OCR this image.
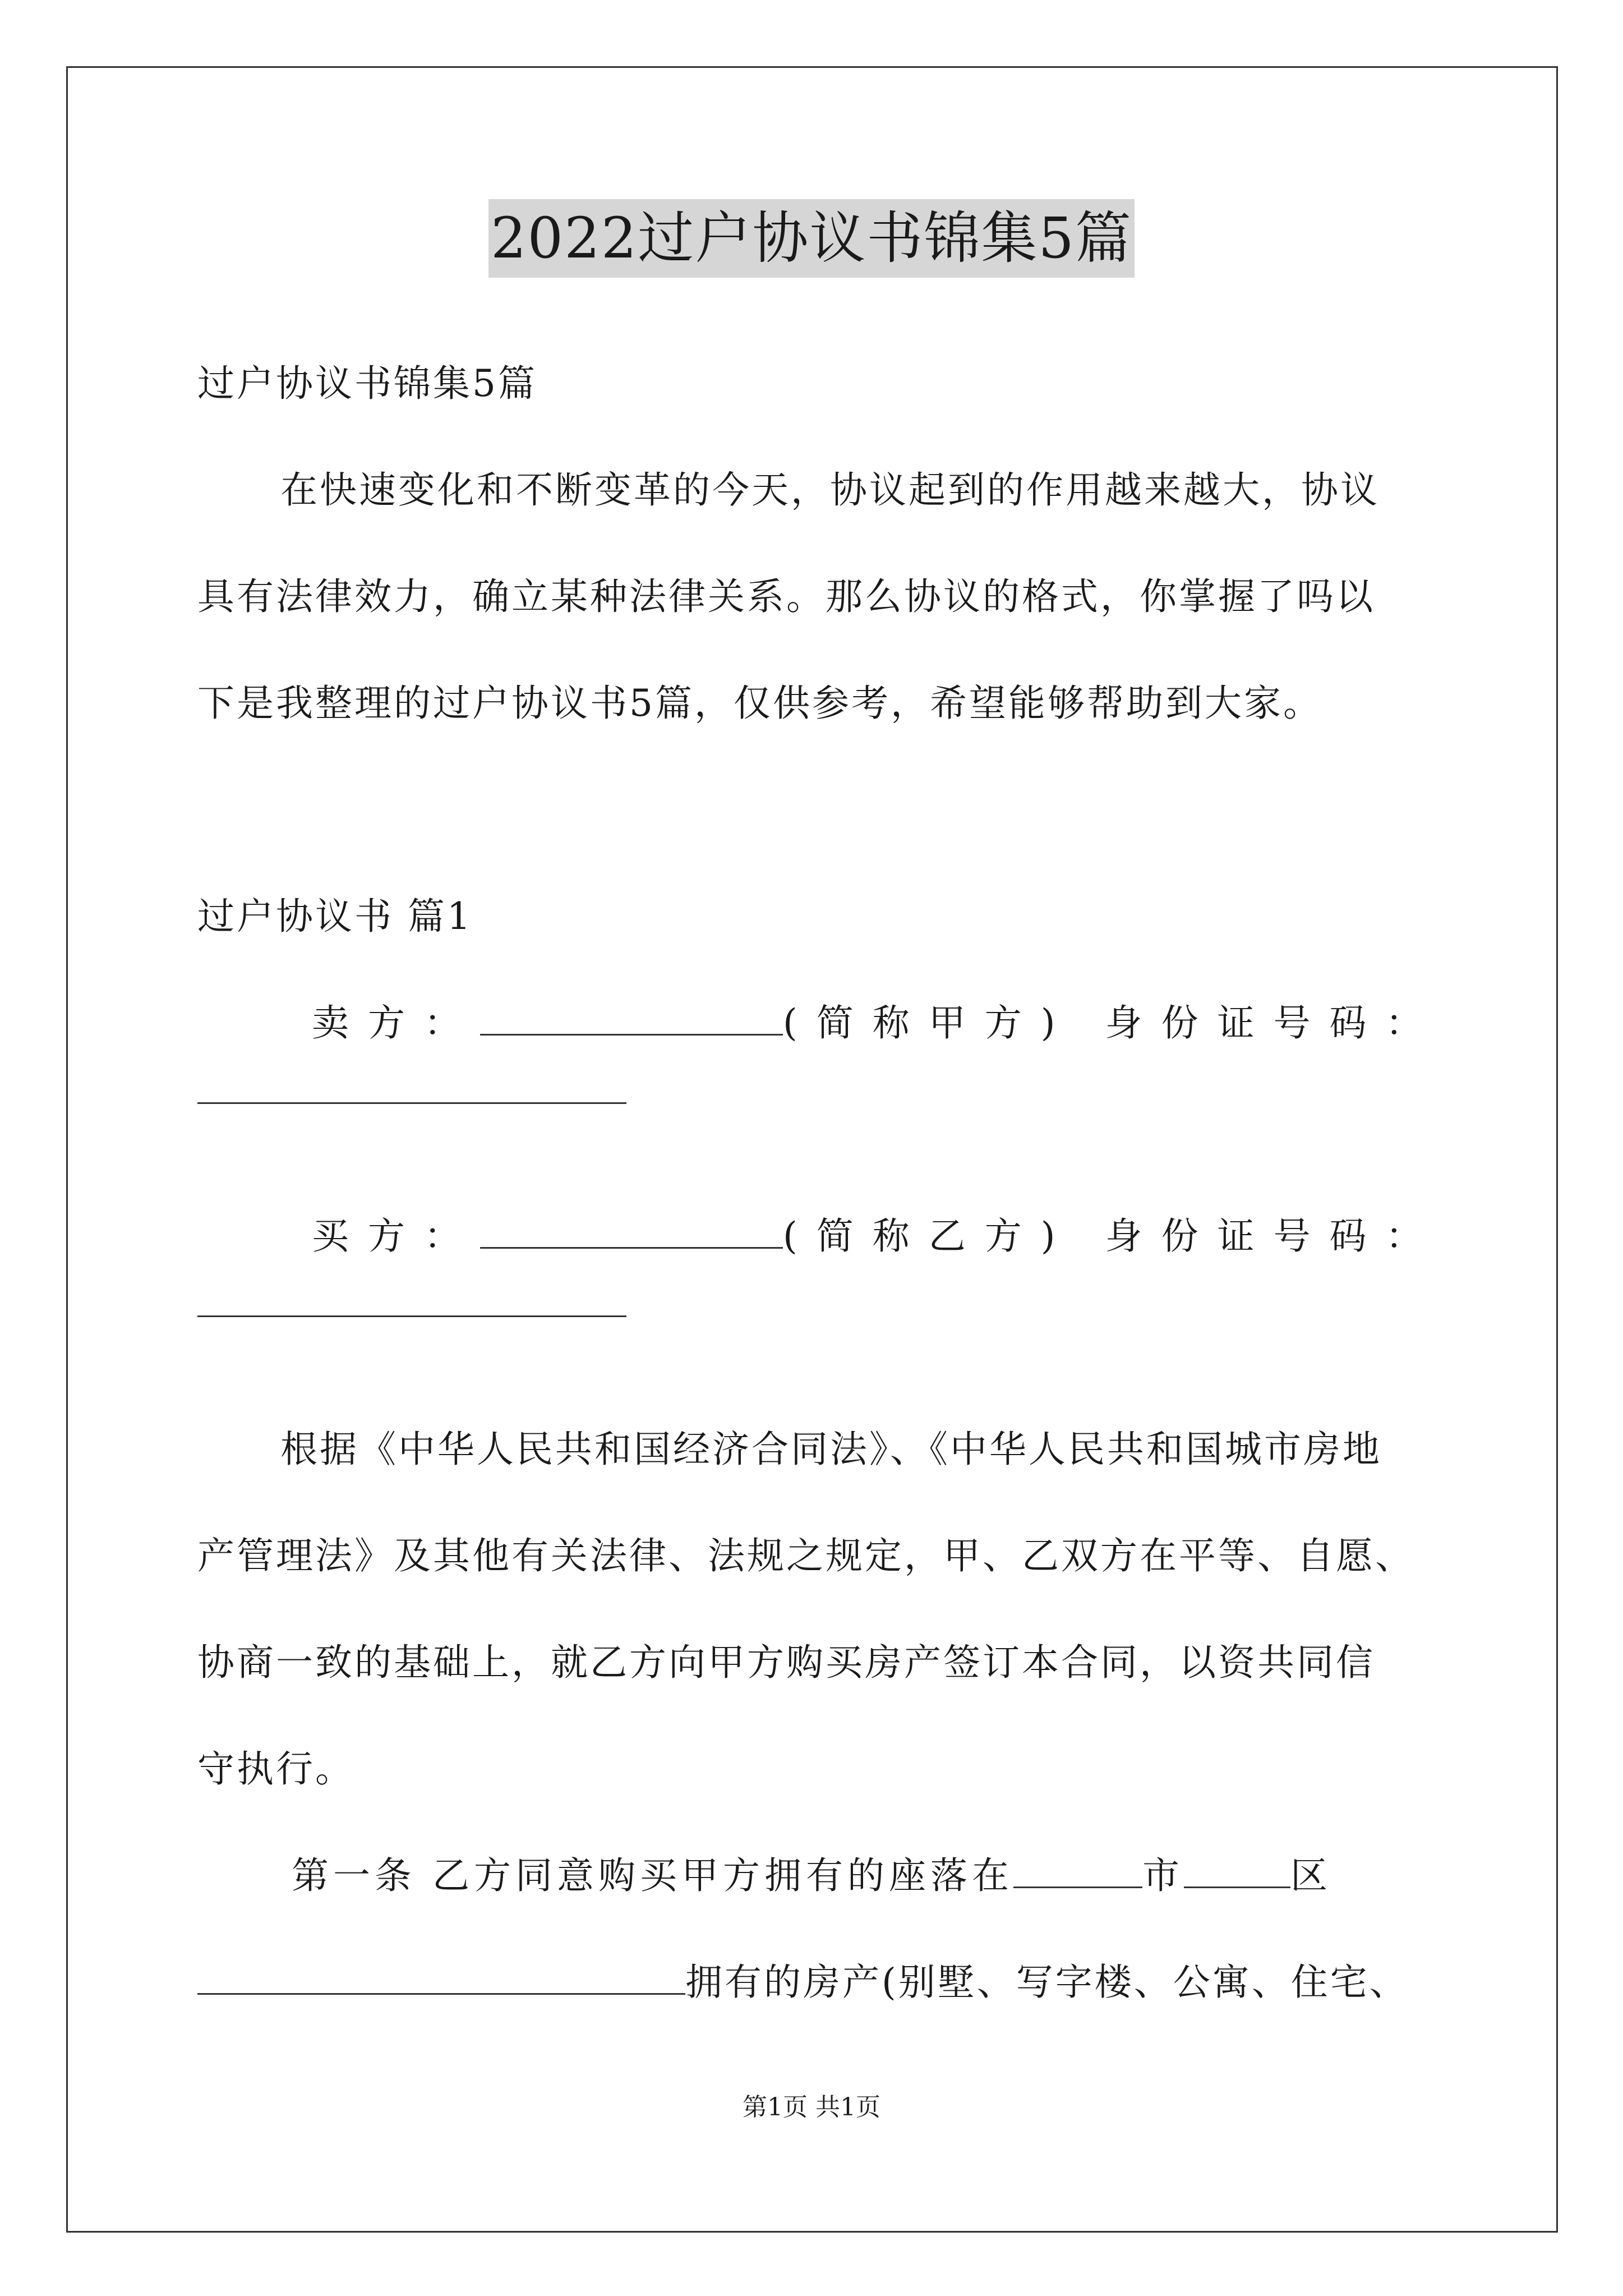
2022过户协议书锦集5篇
过户协议书锦集5篇
在快速变化和不断变革的今天，协议起到的作用越来越大，协议
具有法律效力，确立某种法律关系。那么协议的格式，你掌握了吗以
下是我整理的过户协议书5篇，仅供参考，希望能够帮助到大家。
过户协议书 篇1
卖方：	(简称甲方) 身份证号码：
买方：	(简称乙方) 身份证号码：
根据《中华人民共和国经济合同法》、《中华人民共和国城市房地
产管理法》及其他有关法律、法规之规定，甲、乙双方在平等、自愿、
协商一致的基础上，就乙方向甲方购买房产签订本合同，以资共同信
守执行。
第一条 乙方同意购买甲方拥有的座落在	市	区
拥有的房产(别墅、写字楼、公寓、住宅、
第1页 共1页
